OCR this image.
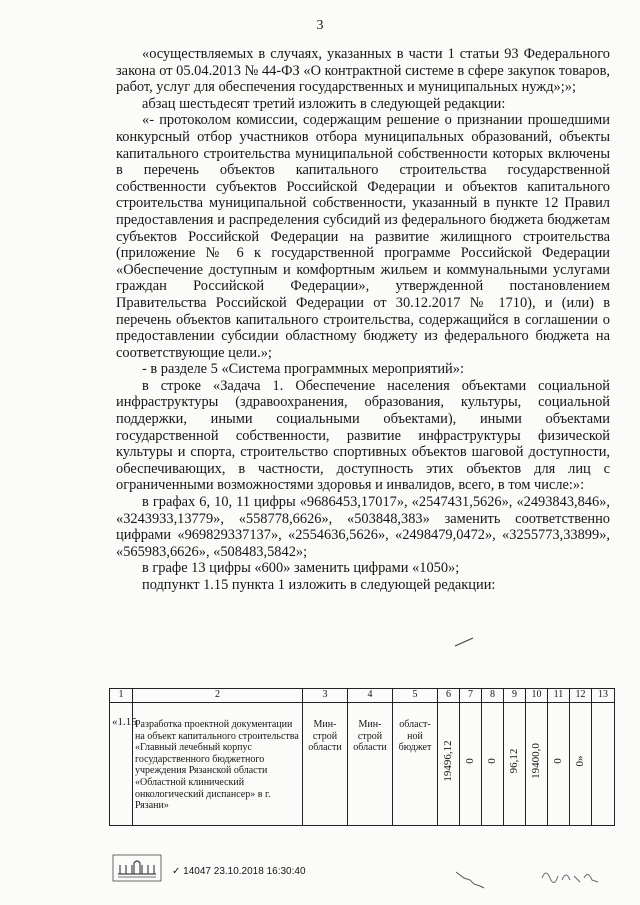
3

«осуществляемых в случаях, указанных в части 1 статьи 93 Федерального закона от 05.04.2013 № 44-ФЗ «О контрактной системе в сфере закупок товаров, работ, услуг для обеспечения государственных и муниципальных нужд»;»;

абзац шестьдесят третий изложить в следующей редакции:

«- протоколом комиссии, содержащим решение о признании прошедшими конкурсный отбор участников отбора муниципальных образований, объекты капитального строительства муниципальной собственности которых включены в перечень объектов капитального строительства государственной собственности субъектов Российской Федерации и объектов капитального строительства муниципальной собственности, указанный в пункте 12 Правил предоставления и распределения субсидий из федерального бюджета бюджетам субъектов Российской Федерации на развитие жилищного строительства (приложение № 6 к государственной программе Российской Федерации «Обеспечение доступным и комфортным жильем и коммунальными услугами граждан Российской Федерации», утвержденной постановлением Правительства Российской Федерации от 30.12.2017 № 1710), и (или) в перечень объектов капитального строительства, содержащийся в соглашении о предоставлении субсидии областному бюджету из федерального бюджета на соответствующие цели.»;

- в разделе 5 «Система программных мероприятий»:

в строке «Задача 1. Обеспечение населения объектами социальной инфраструктуры (здравоохранения, образования, культуры, социальной поддержки, иными социальными объектами), иными объектами государственной собственности, развитие инфраструктуры физической культуры и спорта, строительство спортивных объектов шаговой доступности, обеспечивающих, в частности, доступность этих объектов для лиц с ограниченными возможностями здоровья и инвалидов, всего, в том числе:»:

в графах 6, 10, 11 цифры «9686453,17017», «2547431,5626», «2493843,846», «3243933,13779», «558778,6626», «503848,383» заменить соответственно цифрами «969829337137», «2554636,5626», «2498479,0472», «3255773,33899», «565983,6626», «508483,5842»;

в графе 13 цифры «600» заменить цифрами «1050»;

подпункт 1.15 пункта 1 изложить в следующей редакции:

1	2	3	4	5	6	7	8	9	10	11	12	13
«1.15	Разработка проектной документации на объект капитального строительства «Главный лечебный корпус государственного бюджетного учреждения Рязанской области «Областной клинический онкологический диспансер» в г. Рязани»	Мин-строй области	Мин-строй области	област-ной бюджет	19496,12	0	0	96,12	19400,0	0	0»	

✓ 14047 23.10.2018 16:30:40
